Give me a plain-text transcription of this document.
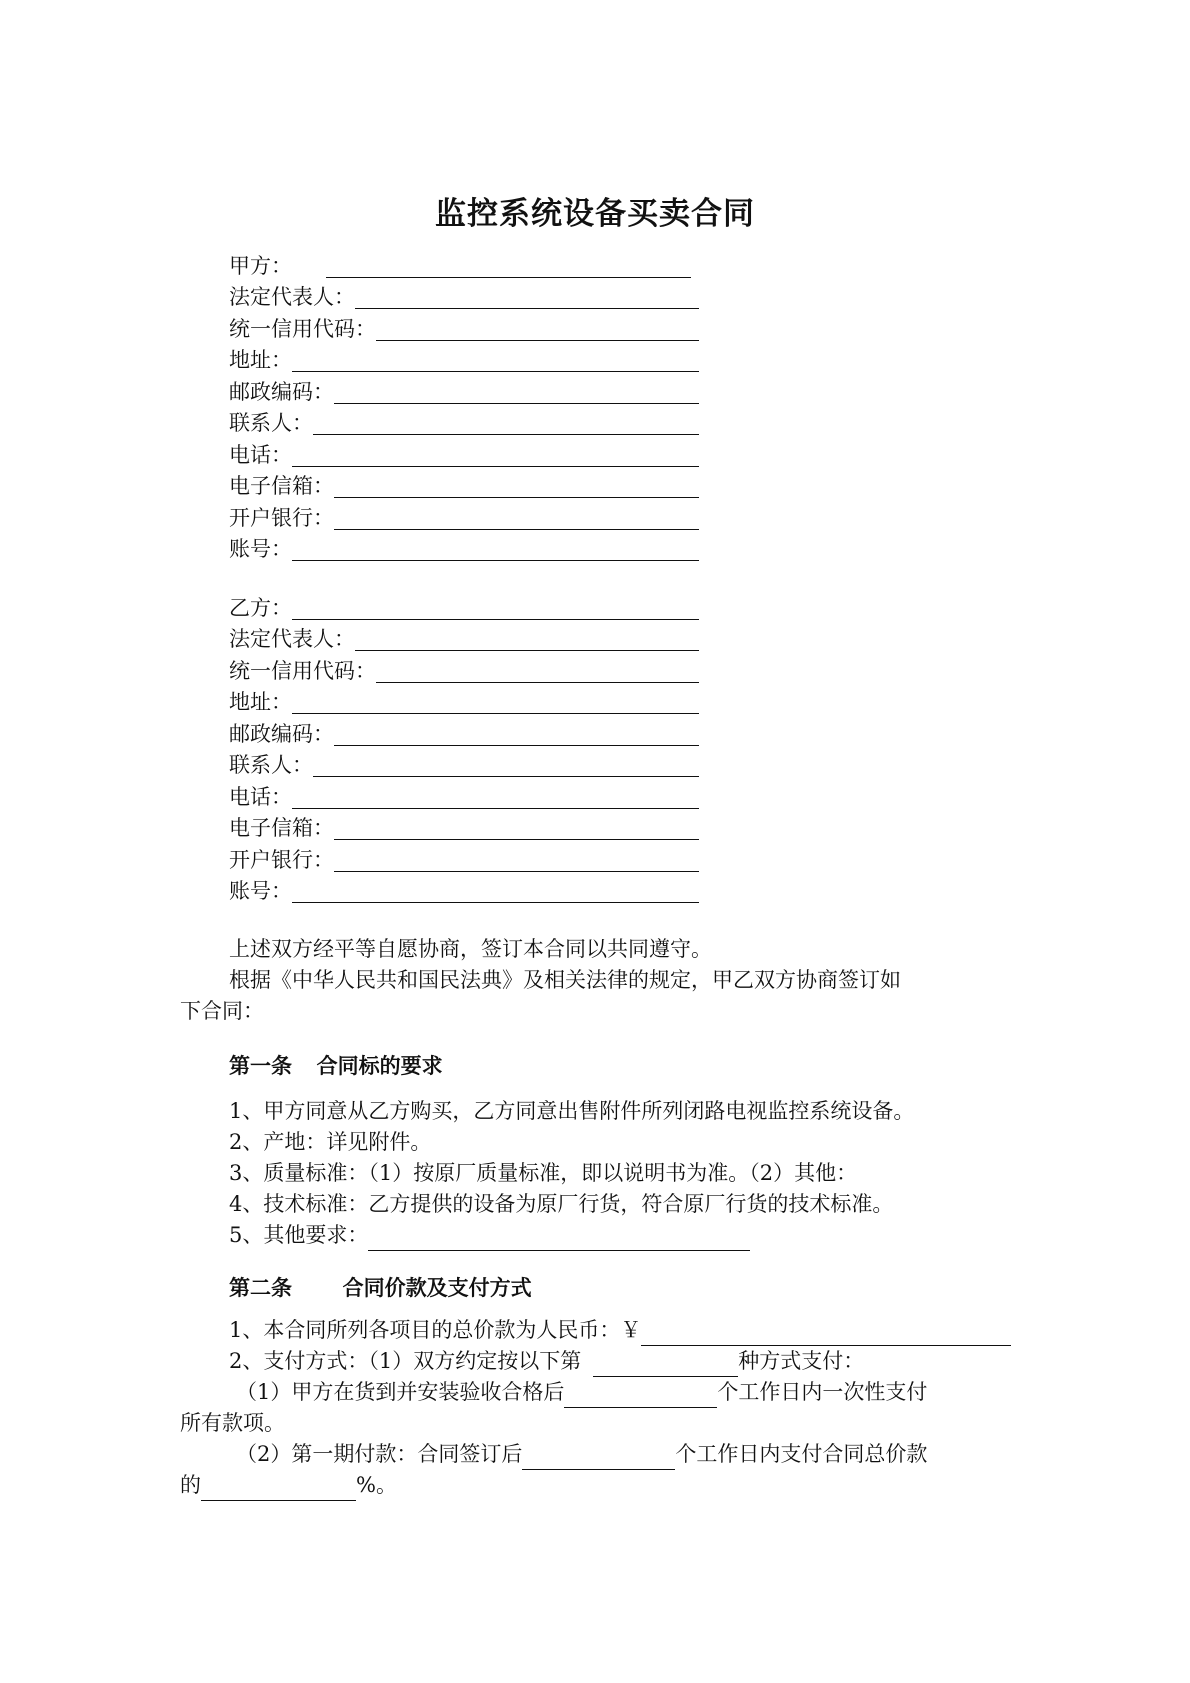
监控系统设备买卖合同
甲方：
法定代表人：
统一信用代码：
地址：
邮政编码：
联系人：
电话：
电子信箱：
开户银行：
账号：
乙方：
法定代表人：
统一信用代码：
地址：
邮政编码：
联系人：
电话：
电子信箱：
开户银行：
账号：
上述双方经平等自愿协商，签订本合同以共同遵守。
根据《中华人民共和国民法典》及相关法律的规定，甲乙双方协商签订如
下合同：
第一条 合同标的要求
1、甲方同意从乙方购买，乙方同意出售附件所列闭路电视监控系统设备。
2、产地：详见附件。
3、质量标准：（1）按原厂质量标准，即以说明书为准。（2）其他：
4、技术标准：乙方提供的设备为原厂行货，符合原厂行货的技术标准。
5、其他要求：
第二条 合同价款及支付方式
1、本合同所列各项目的总价款为人民币：￥
2、支付方式：（1）双方约定按以下第	种方式支付：
（1）甲方在货到并安装验收合格后	个工作日内一次性支付
所有款项。
（2）第一期付款：合同签订后	个工作日内支付合同总价款
的	%。
